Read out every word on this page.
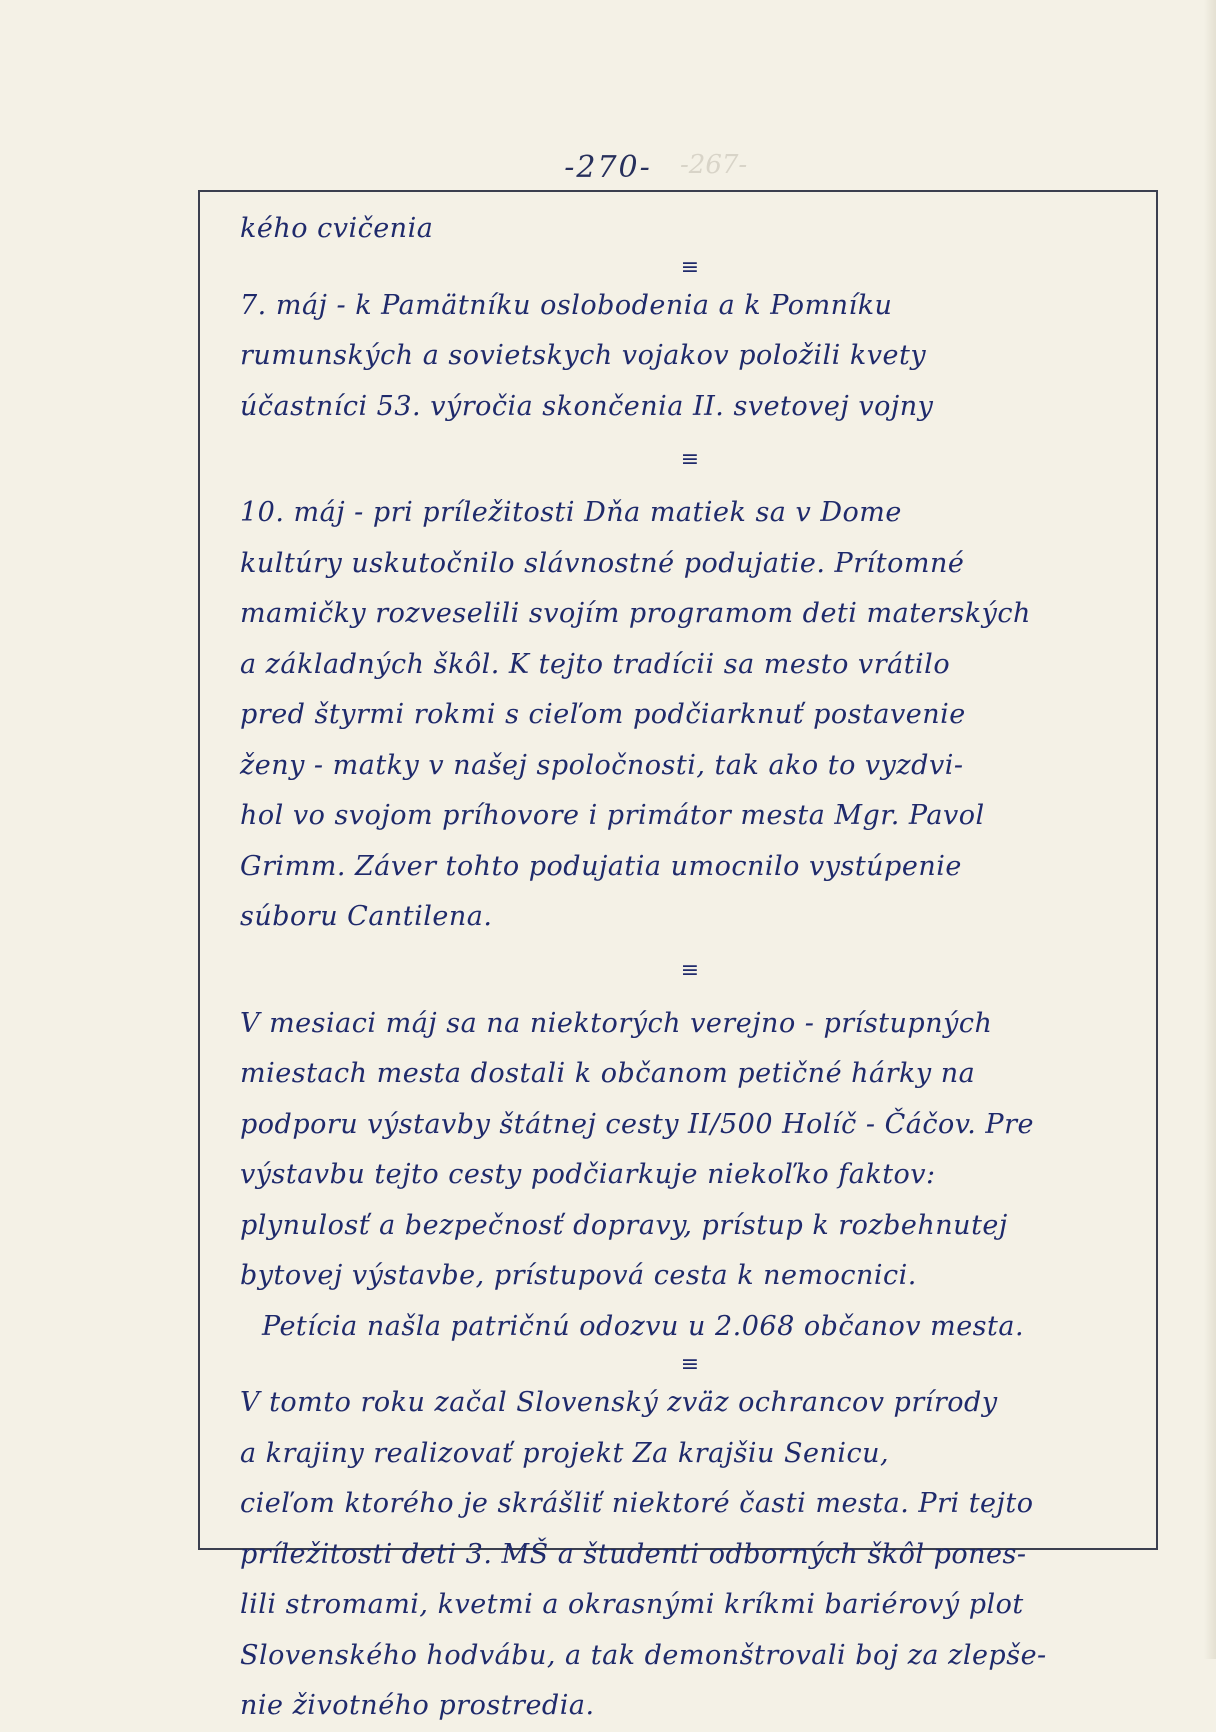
-267-
-270-
kého cvičenia
≡
7. máj - k Pamätníku oslobodenia a k Pomníku
rumunských a sovietskych vojakov položili kvety
účastníci 53. výročia skončenia II. svetovej vojny
≡
10. máj - pri príležitosti Dňa matiek sa v Dome
kultúry uskutočnilo slávnostné podujatie. Prítomné
mamičky rozveselili svojím programom deti materských
a základných škôl. K tejto tradícii sa mesto vrátilo
pred štyrmi rokmi s cieľom podčiarknuť postavenie
ženy - matky v našej spoločnosti, tak ako to vyzdvi-
hol vo svojom príhovore i primátor mesta Mgr. Pavol
Grimm. Záver tohto podujatia umocnilo vystúpenie
súboru Cantilena.
≡
V mesiaci máj sa na niektorých verejno - prístupných
miestach mesta dostali k občanom petičné hárky na
podporu výstavby štátnej cesty II/500 Holíč - Čáčov. Pre
výstavbu tejto cesty podčiarkuje niekoľko faktov:
plynulosť a bezpečnosť dopravy, prístup k rozbehnutej
bytovej výstavbe, prístupová cesta k nemocnici.
Petícia našla patričnú odozvu u 2.068 občanov mesta.
≡
V tomto roku začal Slovenský zväz ochrancov prírody
a krajiny realizovať projekt Za krajšiu Senicu,
cieľom ktorého je skrášliť niektoré časti mesta. Pri tejto
príležitosti deti 3. MŠ a študenti odborných škôl pones-
lili stromami, kvetmi a okrasnými kríkmi bariérový plot
Slovenského hodvábu, a tak demonštrovali boj za zlepše-
nie životného prostredia.
